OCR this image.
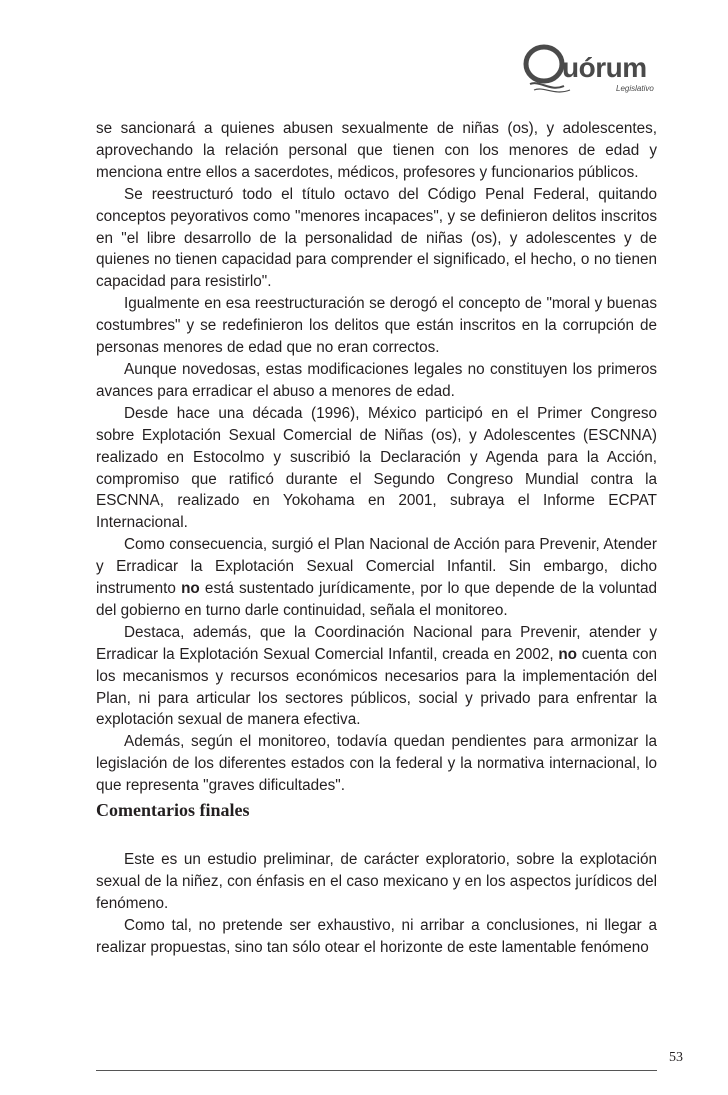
uórum
Legislativo

se sancionará a quienes abusen sexualmente de niñas (os), y adolescentes, aprovechando la relación personal que tienen con los menores de edad y menciona entre ellos a sacerdotes, médicos, profesores y funcionarios públicos.

Se reestructuró todo el título octavo del Código Penal Federal, quitando conceptos peyorativos como "menores incapaces", y se definieron delitos inscritos en "el libre desarrollo de la personalidad de niñas (os), y adolescentes y de quienes no tienen capacidad para comprender el significado, el hecho, o no tienen capacidad para resistirlo".

Igualmente en esa reestructuración se derogó el concepto de "moral y buenas costumbres" y se redefinieron los delitos que están inscritos en la corrupción de personas menores de edad que no eran correctos.

Aunque novedosas, estas modificaciones legales no constituyen los primeros avances para erradicar el abuso a menores de edad.

Desde hace una década (1996), México participó en el Primer Congreso sobre Explotación Sexual Comercial de Niñas (os), y Adolescentes (ESCNNA) realizado en Estocolmo y suscribió la Declaración y Agenda para la Acción, compromiso que ratificó durante el Segundo Congreso Mundial contra la ESCNNA, realizado en Yokohama en 2001, subraya el Informe ECPAT Internacional.

Como consecuencia, surgió el Plan Nacional de Acción para Prevenir, Atender y Erradicar la Explotación Sexual Comercial Infantil. Sin embargo, dicho instrumento no está sustentado jurídicamente, por lo que depende de la voluntad del gobierno en turno darle continuidad, señala el monitoreo.

Destaca, además, que la Coordinación Nacional para Prevenir, atender y Erradicar la Explotación Sexual Comercial Infantil, creada en 2002, no cuenta con los mecanismos y recursos económicos necesarios para la implementación del Plan, ni para articular los sectores públicos, social y privado para enfrentar la explotación sexual de manera efectiva.

Además, según el monitoreo, todavía quedan pendientes para armonizar la legislación de los diferentes estados con la federal y la normativa internacional, lo que representa "graves dificultades".

Comentarios finales

Este es un estudio preliminar, de carácter exploratorio, sobre la explotación sexual de la niñez, con énfasis en el caso mexicano y en los aspectos jurídicos del fenómeno.

Como tal, no pretende ser exhaustivo, ni arribar a conclusiones, ni llegar a realizar propuestas, sino tan sólo otear el horizonte de este lamentable fenómeno

53
